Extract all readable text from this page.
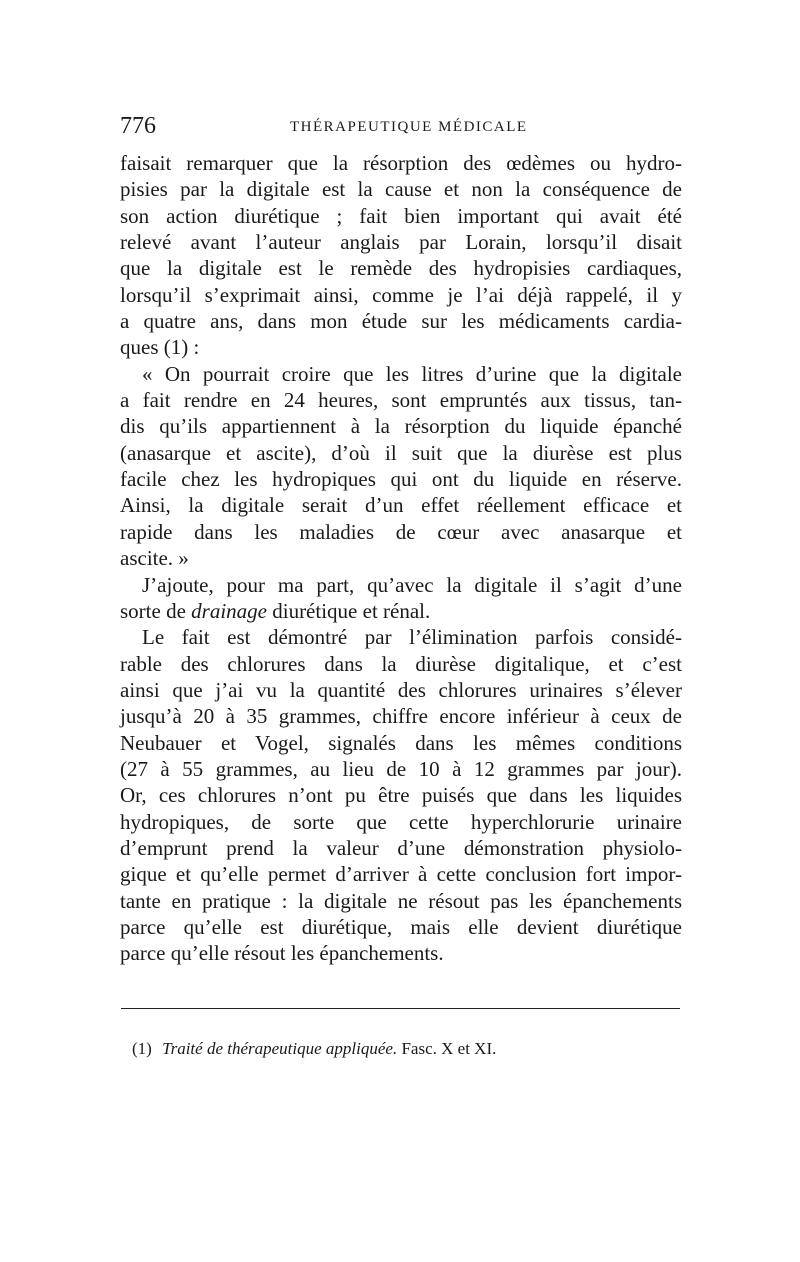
776	THÉRAPEUTIQUE MÉDICALE
faisait remarquer que la résorption des œdèmes ou hydro-
pisies par la digitale est la cause et non la conséquence de
son action diurétique ; fait bien important qui avait été
relevé avant l’auteur anglais par Lorain, lorsqu’il disait
que la digitale est le remède des hydropisies cardiaques,
lorsqu’il s’exprimait ainsi, comme je l’ai déjà rappelé, il y
a quatre ans, dans mon étude sur les médicaments cardia-
ques (1) :
« On pourrait croire que les litres d’urine que la digitale
a fait rendre en 24 heures, sont empruntés aux tissus, tan-
dis qu’ils appartiennent à la résorption du liquide épanché
(anasarque et ascite), d’où il suit que la diurèse est plus
facile chez les hydropiques qui ont du liquide en réserve.
Ainsi, la digitale serait d’un effet réellement efficace et
rapide dans les maladies de cœur avec anasarque et
ascite. »
J’ajoute, pour ma part, qu’avec la digitale il s’agit d’une
sorte de drainage diurétique et rénal.
Le fait est démontré par l’élimination parfois considé-
rable des chlorures dans la diurèse digitalique, et c’est
ainsi que j’ai vu la quantité des chlorures urinaires s’élever
jusqu’à 20 à 35 grammes, chiffre encore inférieur à ceux de
Neubauer et Vogel, signalés dans les mêmes conditions
(27 à 55 grammes, au lieu de 10 à 12 grammes par jour).
Or, ces chlorures n’ont pu être puisés que dans les liquides
hydropiques, de sorte que cette hyperchlorurie urinaire
d’emprunt prend la valeur d’une démonstration physiolo-
gique et qu’elle permet d’arriver à cette conclusion fort impor-
tante en pratique : la digitale ne résout pas les épanchements
parce qu’elle est diurétique, mais elle devient diurétique
parce qu’elle résout les épanchements.
(1) Traité de thérapeutique appliquée. Fasc. X et XI.
